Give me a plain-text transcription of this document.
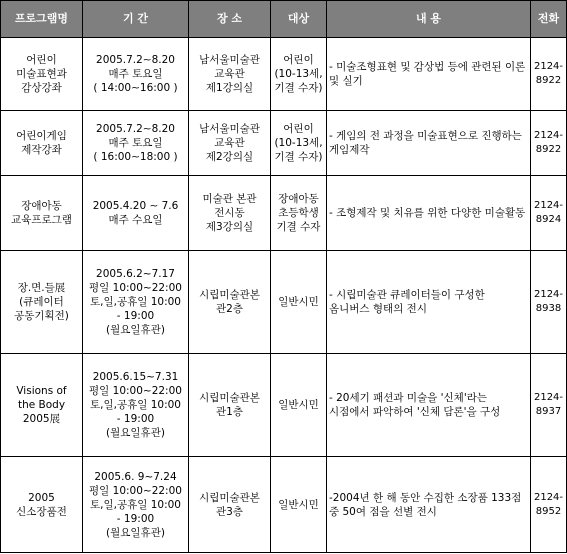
프로그램명	기 간	장 소	대상	내 용	전화

어린이
미술표현과
감상강좌	2005.7.2∼8.20
매주 토요일
( 14:00∼16:00 )	남서울미술관
교육관
제1강의실	어린이
(10-13세,
기결 수자)	- 미술조형표현 및 감상법 등에 관련된 이론 및 실기	2124-
8922

어린이게임
제작강좌	2005.7.2∼8.20
매주 토요일
( 16:00∼18:00 )	남서울미술관
교육관
제2강의실	어린이
(10-13세,
기결 수자)	- 게임의 전 과정을 미술표현으로 진행하는 게임제작	2124-
8922

장애아동
교육프로그램	2005.4.20 ∼ 7.6
매주 수요일	미술관 본관
전시동
제3강의실	장애아동
초등학생
기결 수자	- 조형제작 및 치유를 위한 다양한 미술활동	2124-
8924

장.면.들展
(큐레이터
공동기획전)	2005.6.2~7.17
평일 10:00~22:00
토,일,공휴일 10:00
- 19:00
(월요일휴관)	시립미술관본
관2층	일반시민	- 시립미술관 큐레이터들이 구성한 옴니버스 형태의 전시	2124-
8938

Visions of
the Body
2005展	2005.6.15~7.31
평일 10:00~22:00
토,일,공휴일 10:00
- 19:00
(월요일휴관)	시립미술관본
관1층	일반시민	- 20세기 패션과 미술을 '신체'라는 시점에서 파악하여 '신체 담론'을 구성	2124-
8937

2005
신소장품전	2005.6. 9~7.24
평일 10:00~22:00
토,일,공휴일 10:00
- 19:00
(월요일휴관)	시립미술관본
관3층	일반시민	-2004년 한 해 동안 수집한 소장품 133점 중 50여 점을 선별 전시	2124-
8952
